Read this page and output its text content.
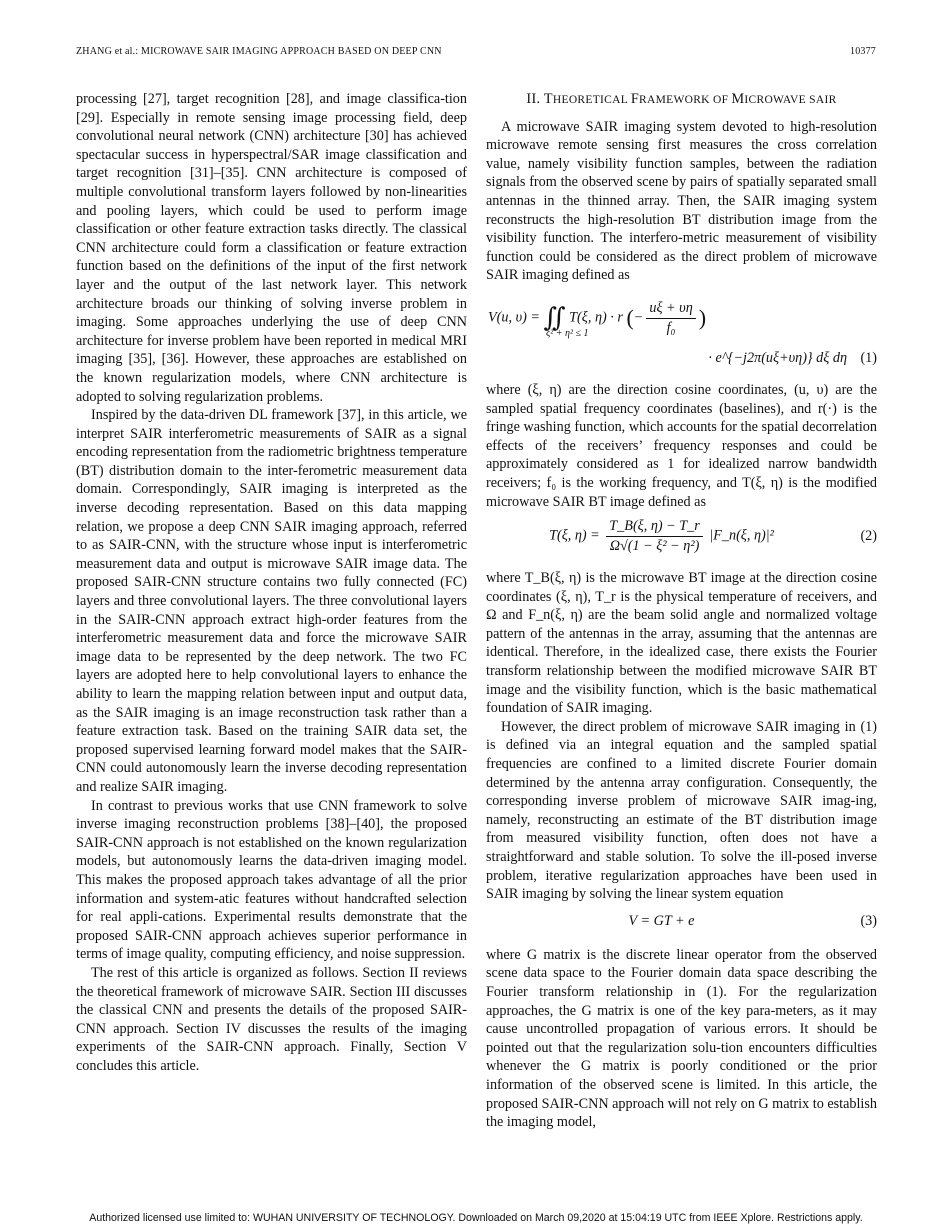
ZHANG et al.: MICROWAVE SAIR IMAGING APPROACH BASED ON DEEP CNN	10377

processing [27], target recognition [28], and image classifica-tion [29]. Especially in remote sensing image processing field, deep convolutional neural network (CNN) architecture [30] has achieved spectacular success in hyperspectral/SAR image classification and target recognition [31]–[35]. CNN architecture is composed of multiple convolutional transform layers followed by non-linearities and pooling layers, which could be used to perform image classification or other feature extraction tasks directly. The classical CNN architecture could form a classification or feature extraction function based on the definitions of the input of the first network layer and the output of the last network layer. This network architecture broads our thinking of solving inverse problem in imaging. Some approaches underlying the use of deep CNN architecture for inverse problem have been reported in medical MRI imaging [35], [36]. However, these approaches are established on the known regularization models, where CNN architecture is adopted to solving regularization problems.

Inspired by the data-driven DL framework [37], in this article, we interpret SAIR interferometric measurements of SAIR as a signal encoding representation from the radiometric brightness temperature (BT) distribution domain to the inter-ferometric measurement data domain. Correspondingly, SAIR imaging is interpreted as the inverse decoding representation. Based on this data mapping relation, we propose a deep CNN SAIR imaging approach, referred to as SAIR-CNN, with the structure whose input is interferometric measurement data and output is microwave SAIR image data. The proposed SAIR-CNN structure contains two fully connected (FC) layers and three convolutional layers. The three convolutional layers in the SAIR-CNN approach extract high-order features from the interferometric measurement data and force the microwave SAIR image data to be represented by the deep network. The two FC layers are adopted here to help convolutional layers to enhance the ability to learn the mapping relation between input and output data, as the SAIR imaging is an image reconstruction task rather than a feature extraction task. Based on the training SAIR data set, the proposed supervised learning forward model makes that the SAIR-CNN could autonomously learn the inverse decoding representation and realize SAIR imaging.

In contrast to previous works that use CNN framework to solve inverse imaging reconstruction problems [38]–[40], the proposed SAIR-CNN approach is not established on the known regularization models, but autonomously learns the data-driven imaging model. This makes the proposed approach takes advantage of all the prior information and system-atic features without handcrafted selection for real appli-cations. Experimental results demonstrate that the proposed SAIR-CNN approach achieves superior performance in terms of image quality, computing efficiency, and noise suppression.

The rest of this article is organized as follows. Section II reviews the theoretical framework of microwave SAIR. Section III discusses the classical CNN and presents the details of the proposed SAIR-CNN approach. Section IV discusses the results of the imaging experiments of the SAIR-CNN approach. Finally, Section V concludes this article.

II. THEORETICAL FRAMEWORK OF MICROWAVE SAIR

A microwave SAIR imaging system devoted to high-resolution microwave remote sensing first measures the cross correlation value, namely visibility function samples, between the radiation signals from the observed scene by pairs of spatially separated small antennas in the thinned array. Then, the SAIR imaging system reconstructs the high-resolution BT distribution image from the visibility function. The interfero-metric measurement of visibility function could be considered as the direct problem of microwave SAIR imaging defined as

V(u, υ) = ∬ T(ξ, η) · r (− $\frac{u\xi + \upsilon\eta}{\text{f₀}}$ )
ξ² + η² ≤ 1
· e^{−j2π(uξ+υη)} dξ dη (1)

where (ξ, η) are the direction cosine coordinates, (u, υ) are the sampled spatial frequency coordinates (baselines), and r(·) is the fringe washing function, which accounts for the spatial decorrelation effects of the receivers’ frequency responses and could be approximately considered as 1 for idealized narrow bandwidth receivers; f₀ is the working frequency, and T(ξ, η) is the modified microwave SAIR BT image defined as

T(ξ, $\eta) = \frac{T\_B(\xi, \eta) - T\_r}{\text{Ω√(1 − ξ² − η²)}}$ |F_n(ξ, η)|²	(2)

where T_B(ξ, η) is the microwave BT image at the direction cosine coordinates (ξ, η), T_r is the physical temperature of receivers, and Ω and F_n(ξ, η) are the beam solid angle and normalized voltage pattern of the antennas in the array, assuming that the antennas are identical. Therefore, in the idealized case, there exists the Fourier transform relationship between the modified microwave SAIR BT image and the visibility function, which is the basic mathematical foundation of SAIR imaging.

However, the direct problem of microwave SAIR imaging in (1) is defined via an integral equation and the sampled spatial frequencies are confined to a limited discrete Fourier domain determined by the antenna array configuration. Consequently, the corresponding inverse problem of microwave SAIR imag-ing, namely, reconstructing an estimate of the BT distribution image from measured visibility function, often does not have a straightforward and stable solution. To solve the ill-posed inverse problem, iterative regularization approaches have been used in SAIR imaging by solving the linear system equation

V = GT + e	(3)

where G matrix is the discrete linear operator from the observed scene data space to the Fourier domain data space describing the Fourier transform relationship in (1). For the regularization approaches, the G matrix is one of the key para-meters, as it may cause uncontrolled propagation of various errors. It should be pointed out that the regularization solu-tion encounters difficulties whenever the G matrix is poorly conditioned or the prior information of the observed scene is limited. In this article, the proposed SAIR-CNN approach will not rely on G matrix to establish the imaging model,

Authorized licensed use limited to: WUHAN UNIVERSITY OF TECHNOLOGY. Downloaded on March 09,2020 at 15:04:19 UTC from IEEE Xplore. Restrictions apply.
